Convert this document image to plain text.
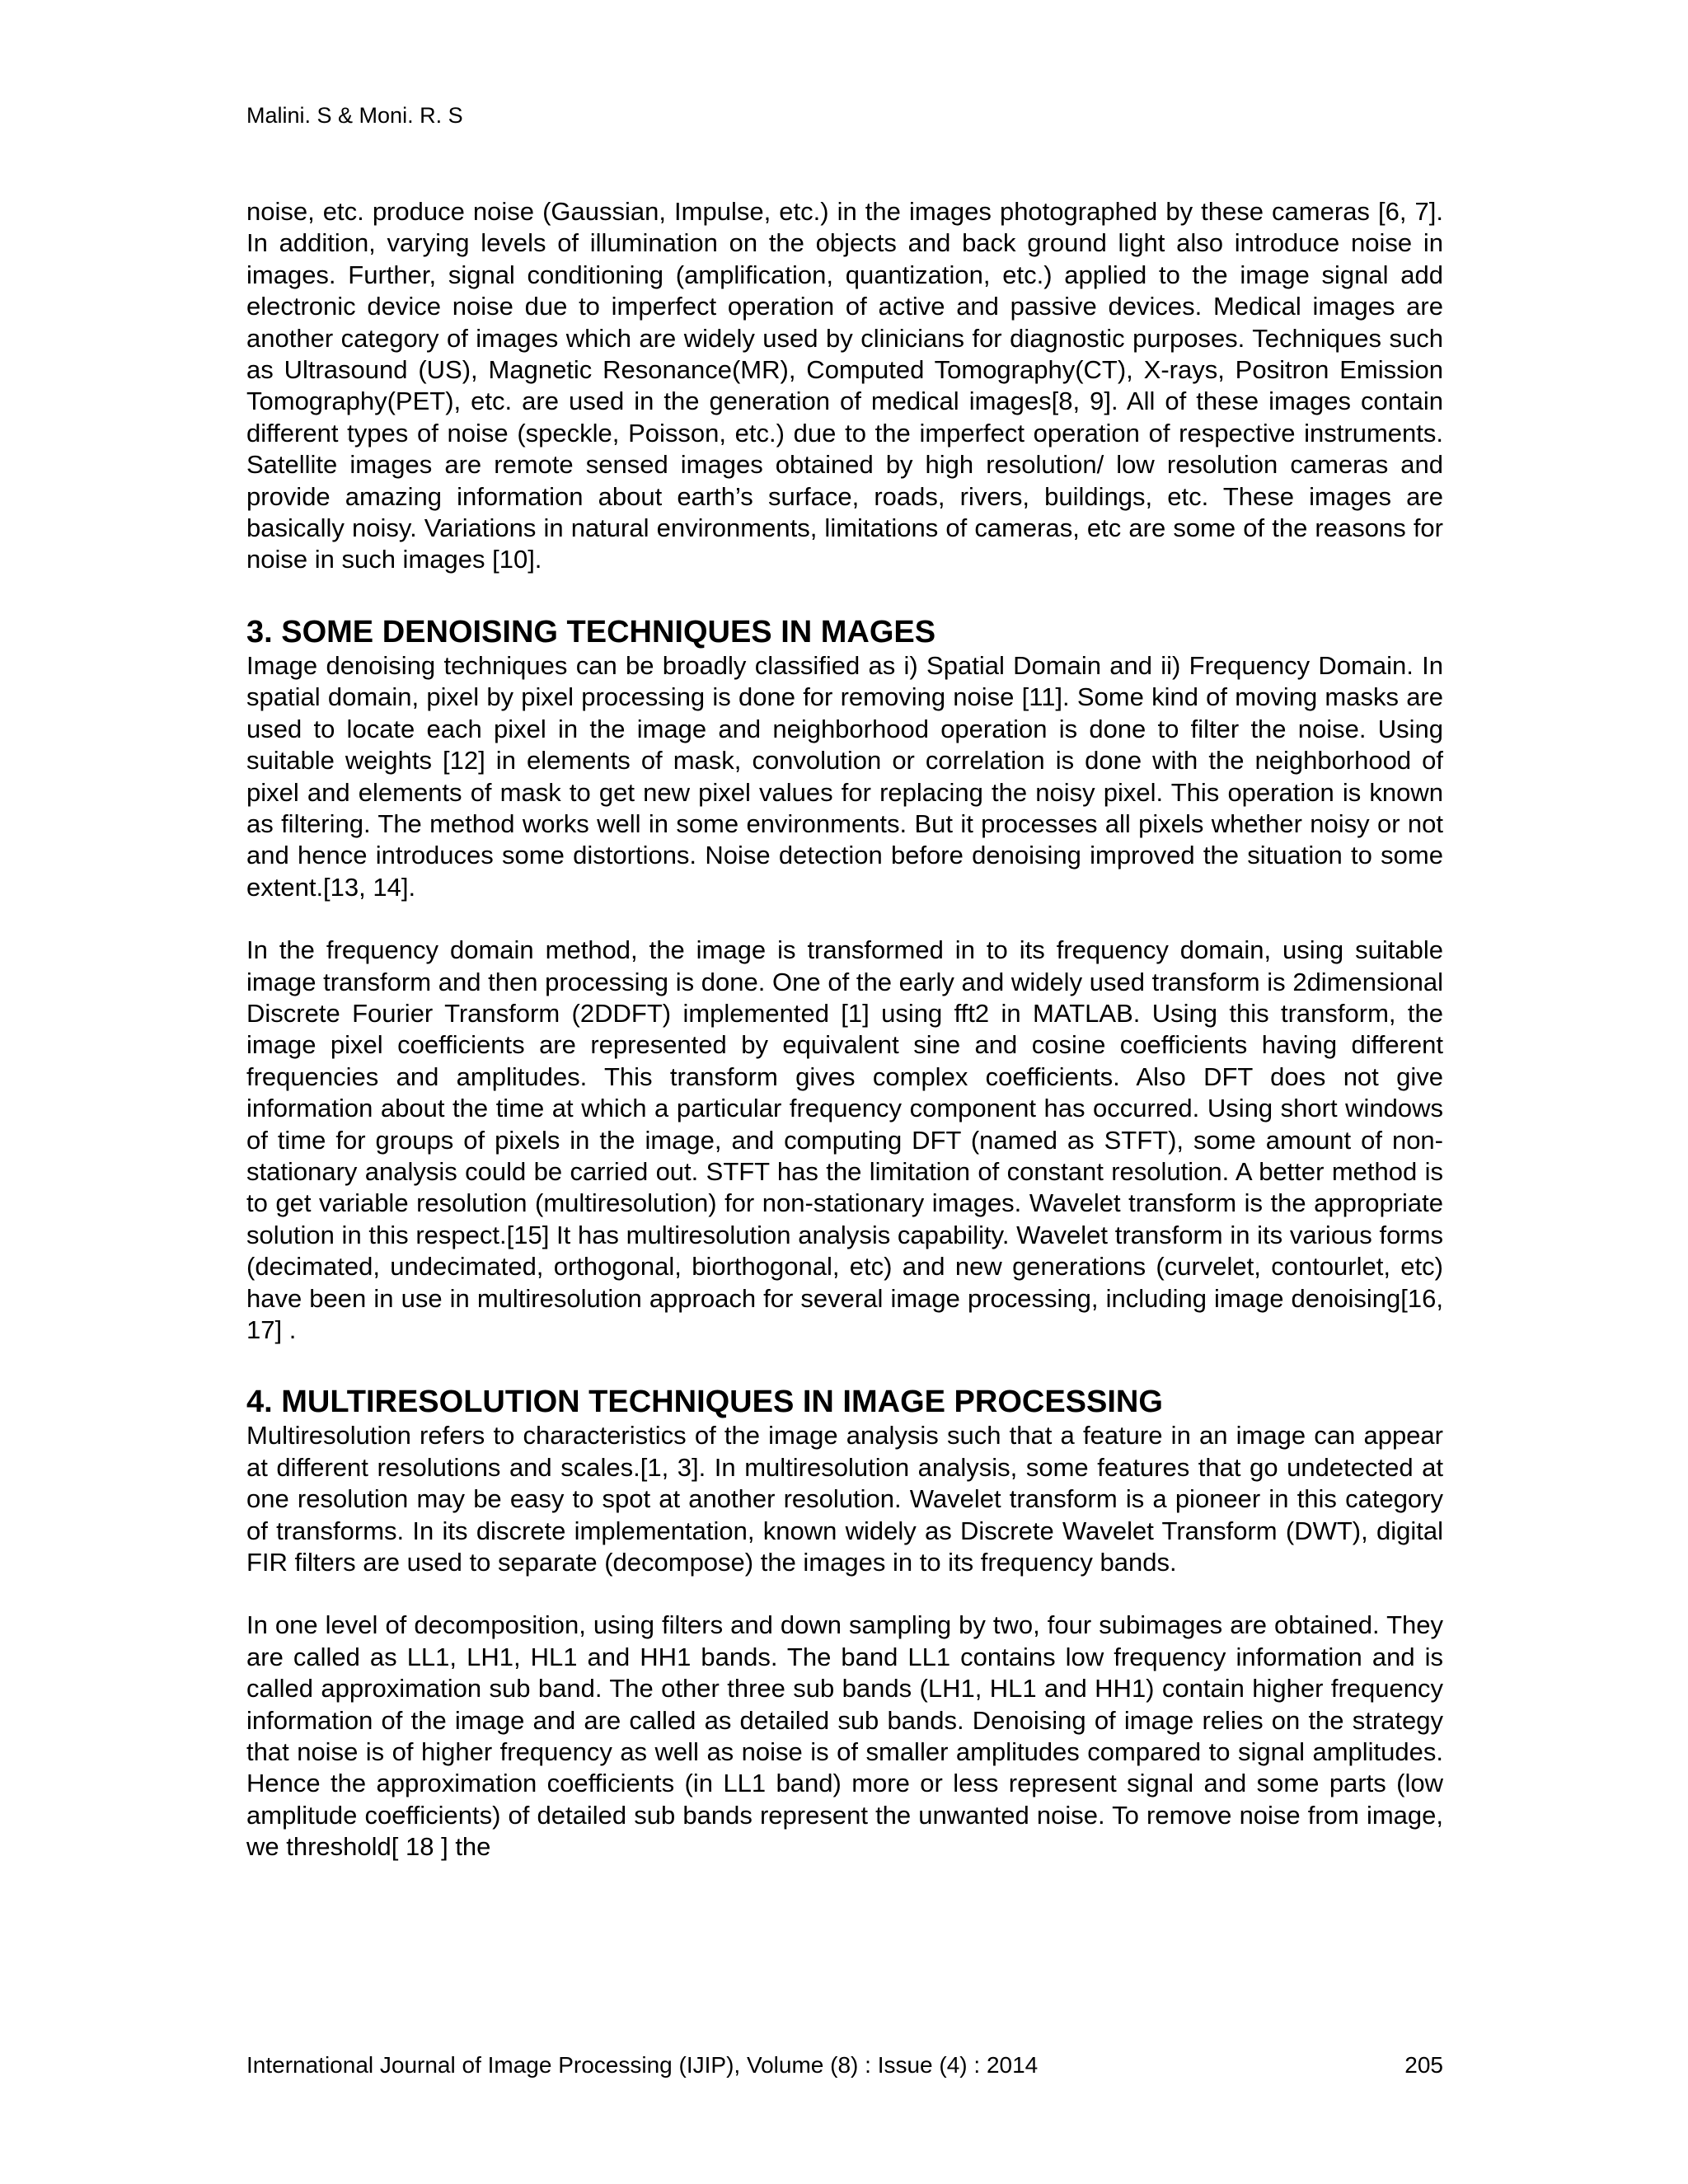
Malini. S & Moni. R. S

noise, etc. produce noise (Gaussian, Impulse, etc.) in the images photographed by these cameras [6, 7]. In addition, varying levels of illumination on the objects and back ground light also introduce noise in images. Further, signal conditioning (amplification, quantization, etc.) applied to the image signal add electronic device noise due to imperfect operation of active and passive devices. Medical images are another category of images which are widely used by clinicians for diagnostic purposes. Techniques such as Ultrasound (US), Magnetic Resonance(MR), Computed Tomography(CT), X-rays, Positron Emission Tomography(PET), etc. are used in the generation of medical images[8, 9]. All of these images contain different types of noise (speckle, Poisson, etc.) due to the imperfect operation of respective instruments. Satellite images are remote sensed images obtained by high resolution/ low resolution cameras and provide amazing information about earth’s surface, roads, rivers, buildings, etc. These images are basically noisy. Variations in natural environments, limitations of cameras, etc are some of the reasons for noise in such images [10].

3. SOME DENOISING TECHNIQUES IN MAGES

Image denoising techniques can be broadly classified as i) Spatial Domain and ii) Frequency Domain. In spatial domain, pixel by pixel processing is done for removing noise [11]. Some kind of moving masks are used to locate each pixel in the image and neighborhood operation is done to filter the noise. Using suitable weights [12] in elements of mask, convolution or correlation is done with the neighborhood of pixel and elements of mask to get new pixel values for replacing the noisy pixel. This operation is known as filtering. The method works well in some environments. But it processes all pixels whether noisy or not and hence introduces some distortions. Noise detection before denoising improved the situation to some extent.[13, 14].

In the frequency domain method, the image is transformed in to its frequency domain, using suitable image transform and then processing is done. One of the early and widely used transform is 2dimensional Discrete Fourier Transform (2DDFT) implemented [1] using fft2 in MATLAB. Using this transform, the image pixel coefficients are represented by equivalent sine and cosine coefficients having different frequencies and amplitudes. This transform gives complex coefficients. Also DFT does not give information about the time at which a particular frequency component has occurred. Using short windows of time for groups of pixels in the image, and computing DFT (named as STFT), some amount of non- stationary analysis could be carried out. STFT has the limitation of constant resolution. A better method is to get variable resolution (multiresolution) for non-stationary images. Wavelet transform is the appropriate solution in this respect.[15] It has multiresolution analysis capability. Wavelet transform in its various forms (decimated, undecimated, orthogonal, biorthogonal, etc) and new generations (curvelet, contourlet, etc) have been in use in multiresolution approach for several image processing, including image denoising[16, 17] .

4. MULTIRESOLUTION TECHNIQUES IN IMAGE PROCESSING

Multiresolution refers to characteristics of the image analysis such that a feature in an image can appear at different resolutions and scales.[1, 3]. In multiresolution analysis, some features that go undetected at one resolution may be easy to spot at another resolution. Wavelet transform is a pioneer in this category of transforms. In its discrete implementation, known widely as Discrete Wavelet Transform (DWT), digital FIR filters are used to separate (decompose) the images in to its frequency bands.

In one level of decomposition, using filters and down sampling by two, four subimages are obtained. They are called as LL1, LH1, HL1 and HH1 bands. The band LL1 contains low frequency information and is called approximation sub band. The other three sub bands (LH1, HL1 and HH1) contain higher frequency information of the image and are called as detailed sub bands. Denoising of image relies on the strategy that noise is of higher frequency as well as noise is of smaller amplitudes compared to signal amplitudes. Hence the approximation coefficients (in LL1 band) more or less represent signal and some parts (low amplitude coefficients) of detailed sub bands represent the unwanted noise. To remove noise from image, we threshold[ 18 ] the

International Journal of Image Processing (IJIP), Volume (8) : Issue (4) : 2014	205
